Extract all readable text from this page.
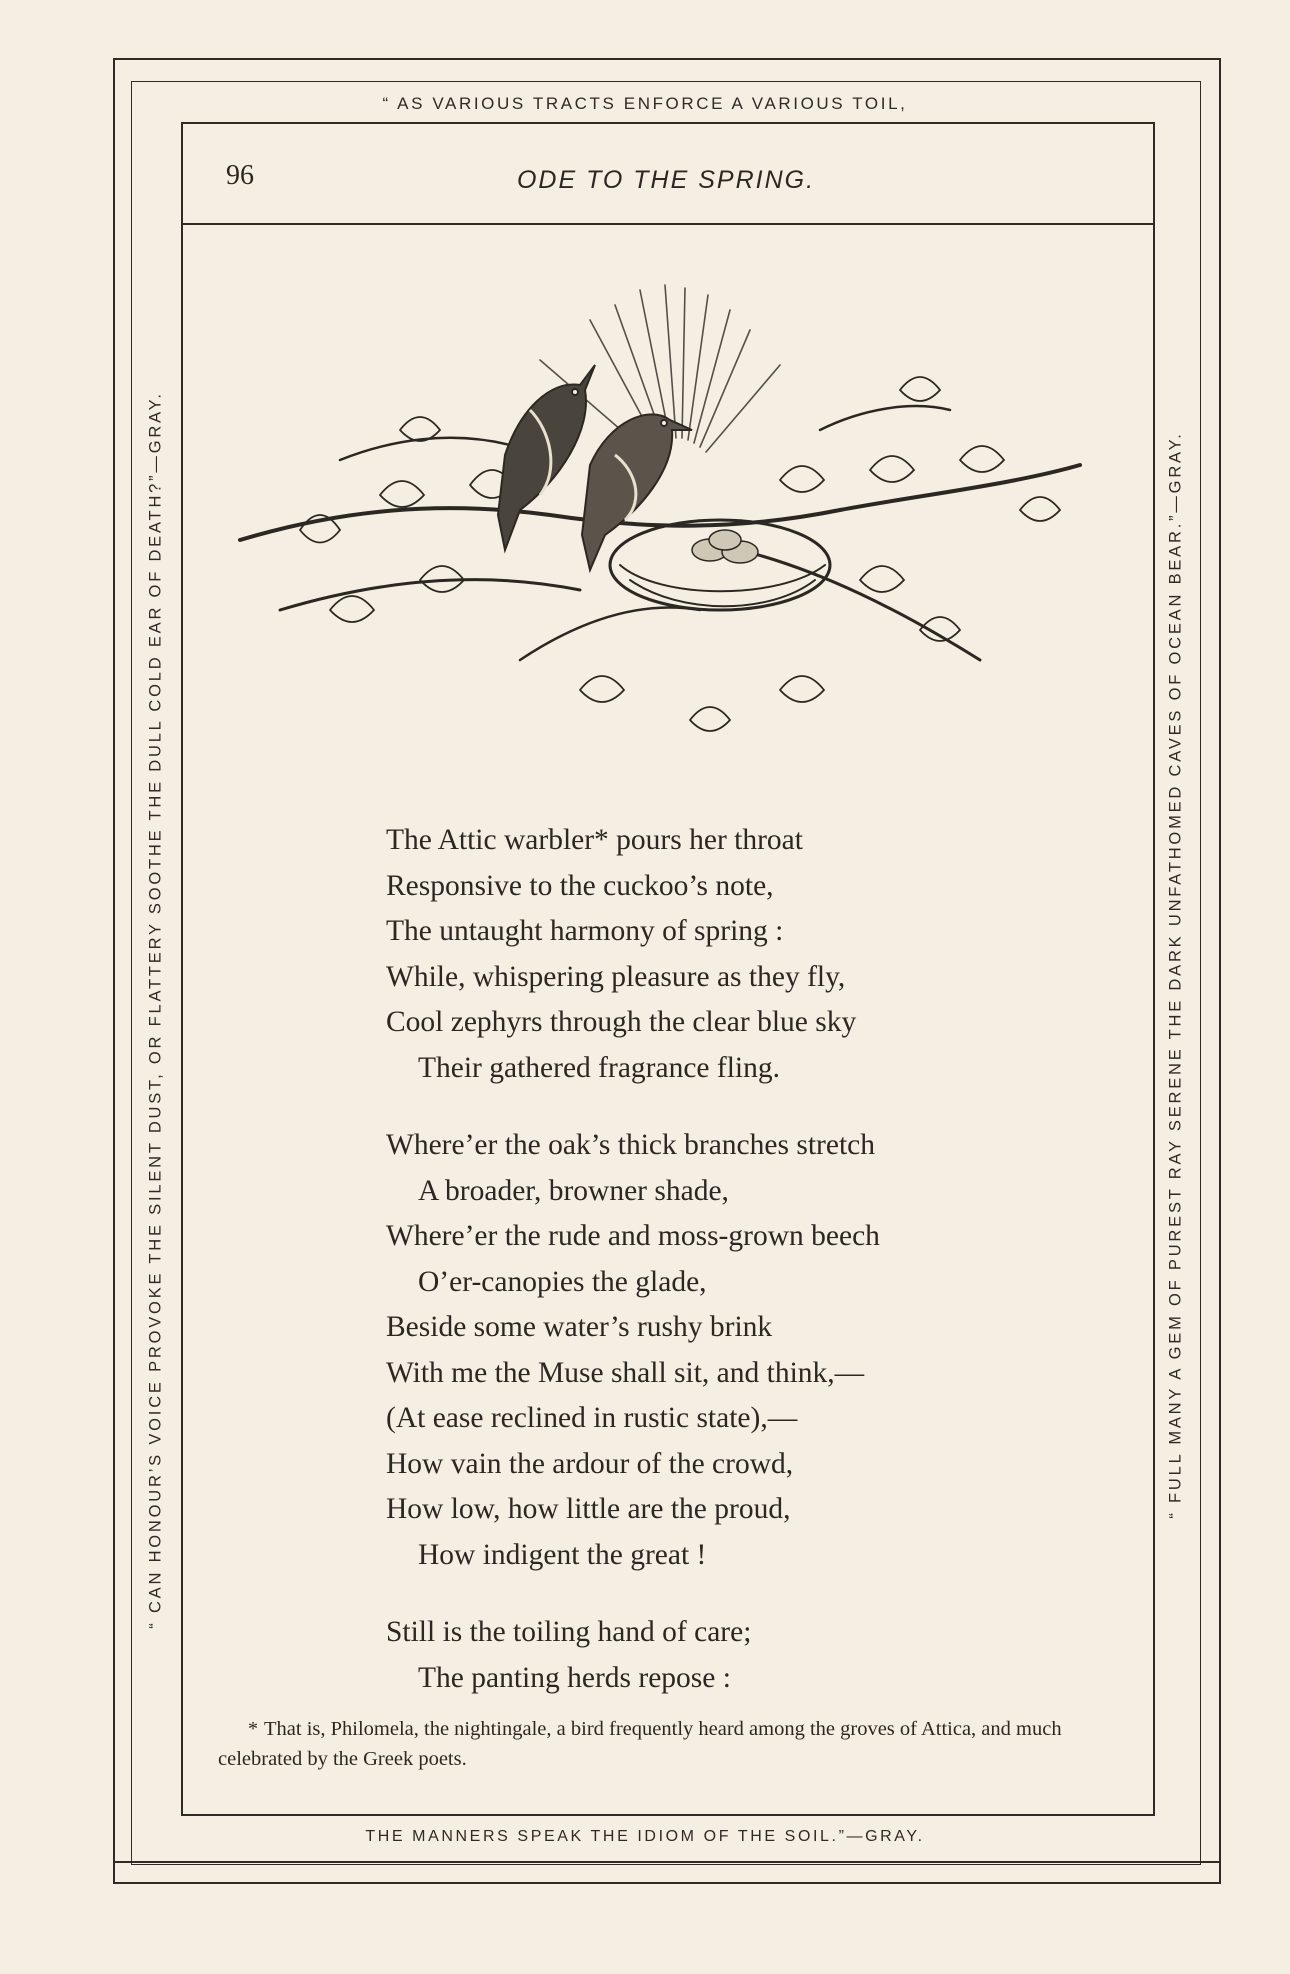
“ AS VARIOUS TRACTS ENFORCE A VARIOUS TOIL,
THE MANNERS SPEAK THE IDIOM OF THE SOIL.”—GRAY.
“ CAN HONOUR’S VOICE PROVOKE THE SILENT DUST, OR FLATTERY SOOTHE THE DULL COLD EAR OF DEATH?”—GRAY.	“ FULL MANY A GEM OF PUREST RAY SERENE THE DARK UNFATHOMED CAVES OF OCEAN BEAR.”—GRAY.
96	ODE TO THE SPRING.
The Attic warbler* pours her throat
Responsive to the cuckoo’s note,
The untaught harmony of spring :
While, whispering pleasure as they fly,
Cool zephyrs through the clear blue sky
Their gathered fragrance fling.
Where’er the oak’s thick branches stretch
A broader, browner shade,
Where’er the rude and moss-grown beech
O’er-canopies the glade,
Beside some water’s rushy brink
With me the Muse shall sit, and think,—
(At ease reclined in rustic state),—
How vain the ardour of the crowd,
How low, how little are the proud,
How indigent the great !
Still is the toiling hand of care;
The panting herds repose :
* That is, Philomela, the nightingale, a bird frequently heard among the groves of Attica, and much celebrated by the Greek poets.
